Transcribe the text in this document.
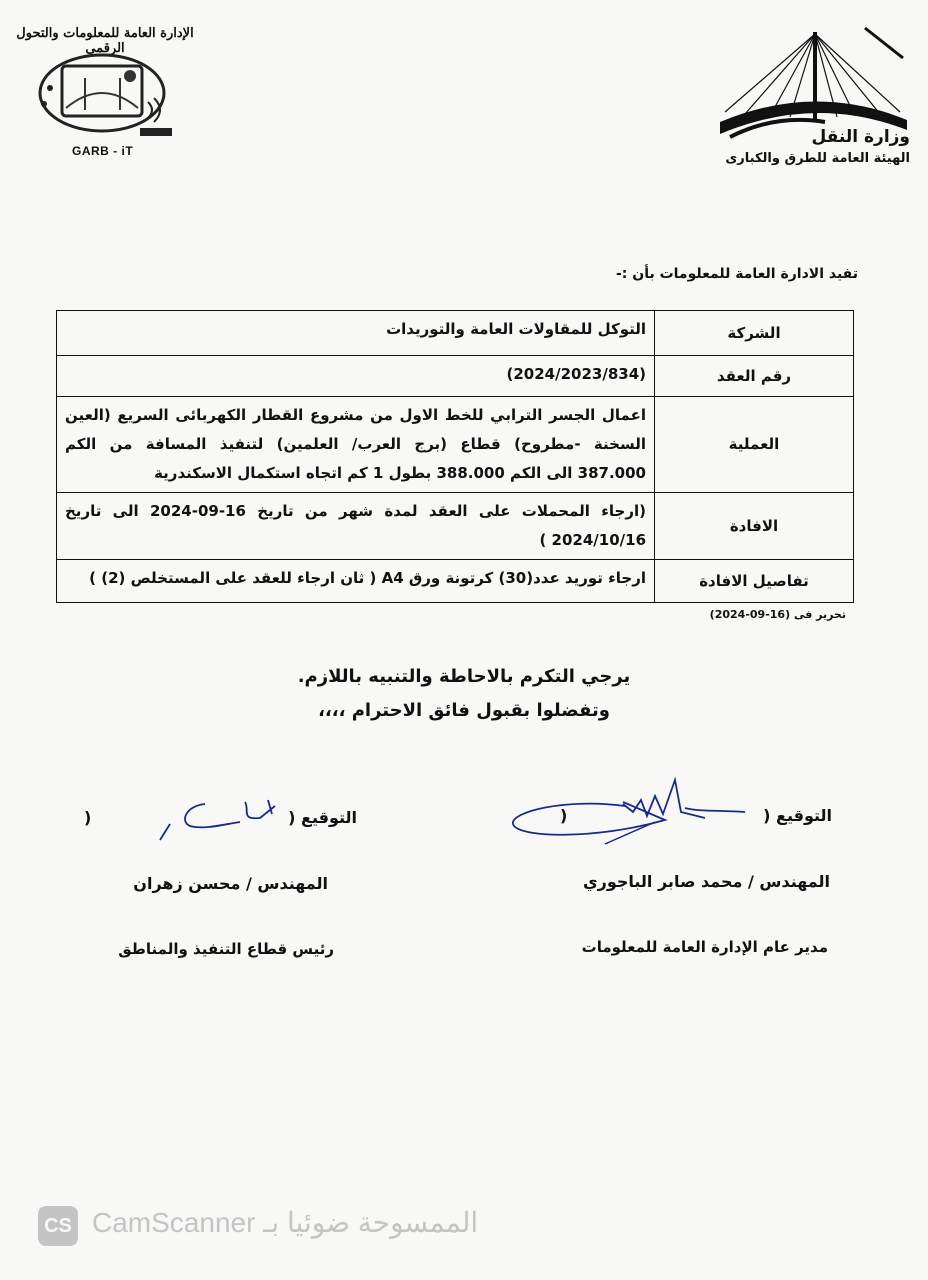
الإدارة العامة للمعلومات والتحول الرقمى
GARB - iT
وزارة النقل
الهيئة العامة للطرق والكبارى
تفيد الادارة العامة للمعلومات بأن :-
الشركة	التوكل للمقاولات العامة والتوريدات
رقم العقد	(2024/2023/834)
العملية	اعمال الجسر الترابي للخط الاول من مشروع القطار الكهربائى السريع (العين السخنة -مطروح) قطاع (برج العرب/ العلمين) لتنفيذ المسافة من الكم 387.000 الى الكم 388.000 بطول 1 كم اتجاه استكمال الاسكندرية
الافادة	(ارجاء المحملات على العقد لمدة شهر من تاريخ 16-09-2024 الى تاريخ 2024/10/16 )
تفاصيل الافادة	ارجاء توريد عدد(30) كرتونة ورق A4 ( ثان ارجاء للعقد على المستخلص (2) )
تحرير فى (16-09-2024)
يرجي التكرم بالاحاطة والتنبيه باللازم.
وتفضلوا بقبول فائق الاحترام ،،،،
التوقيع (
)
التوقيع (
)
المهندس / محمد صابر الباجوري
المهندس / محسن زهران
مدير عام الإدارة العامة للمعلومات
رئيس قطاع التنفيذ والمناطق
CS الممسوحة ضوئيا بـ CamScanner
